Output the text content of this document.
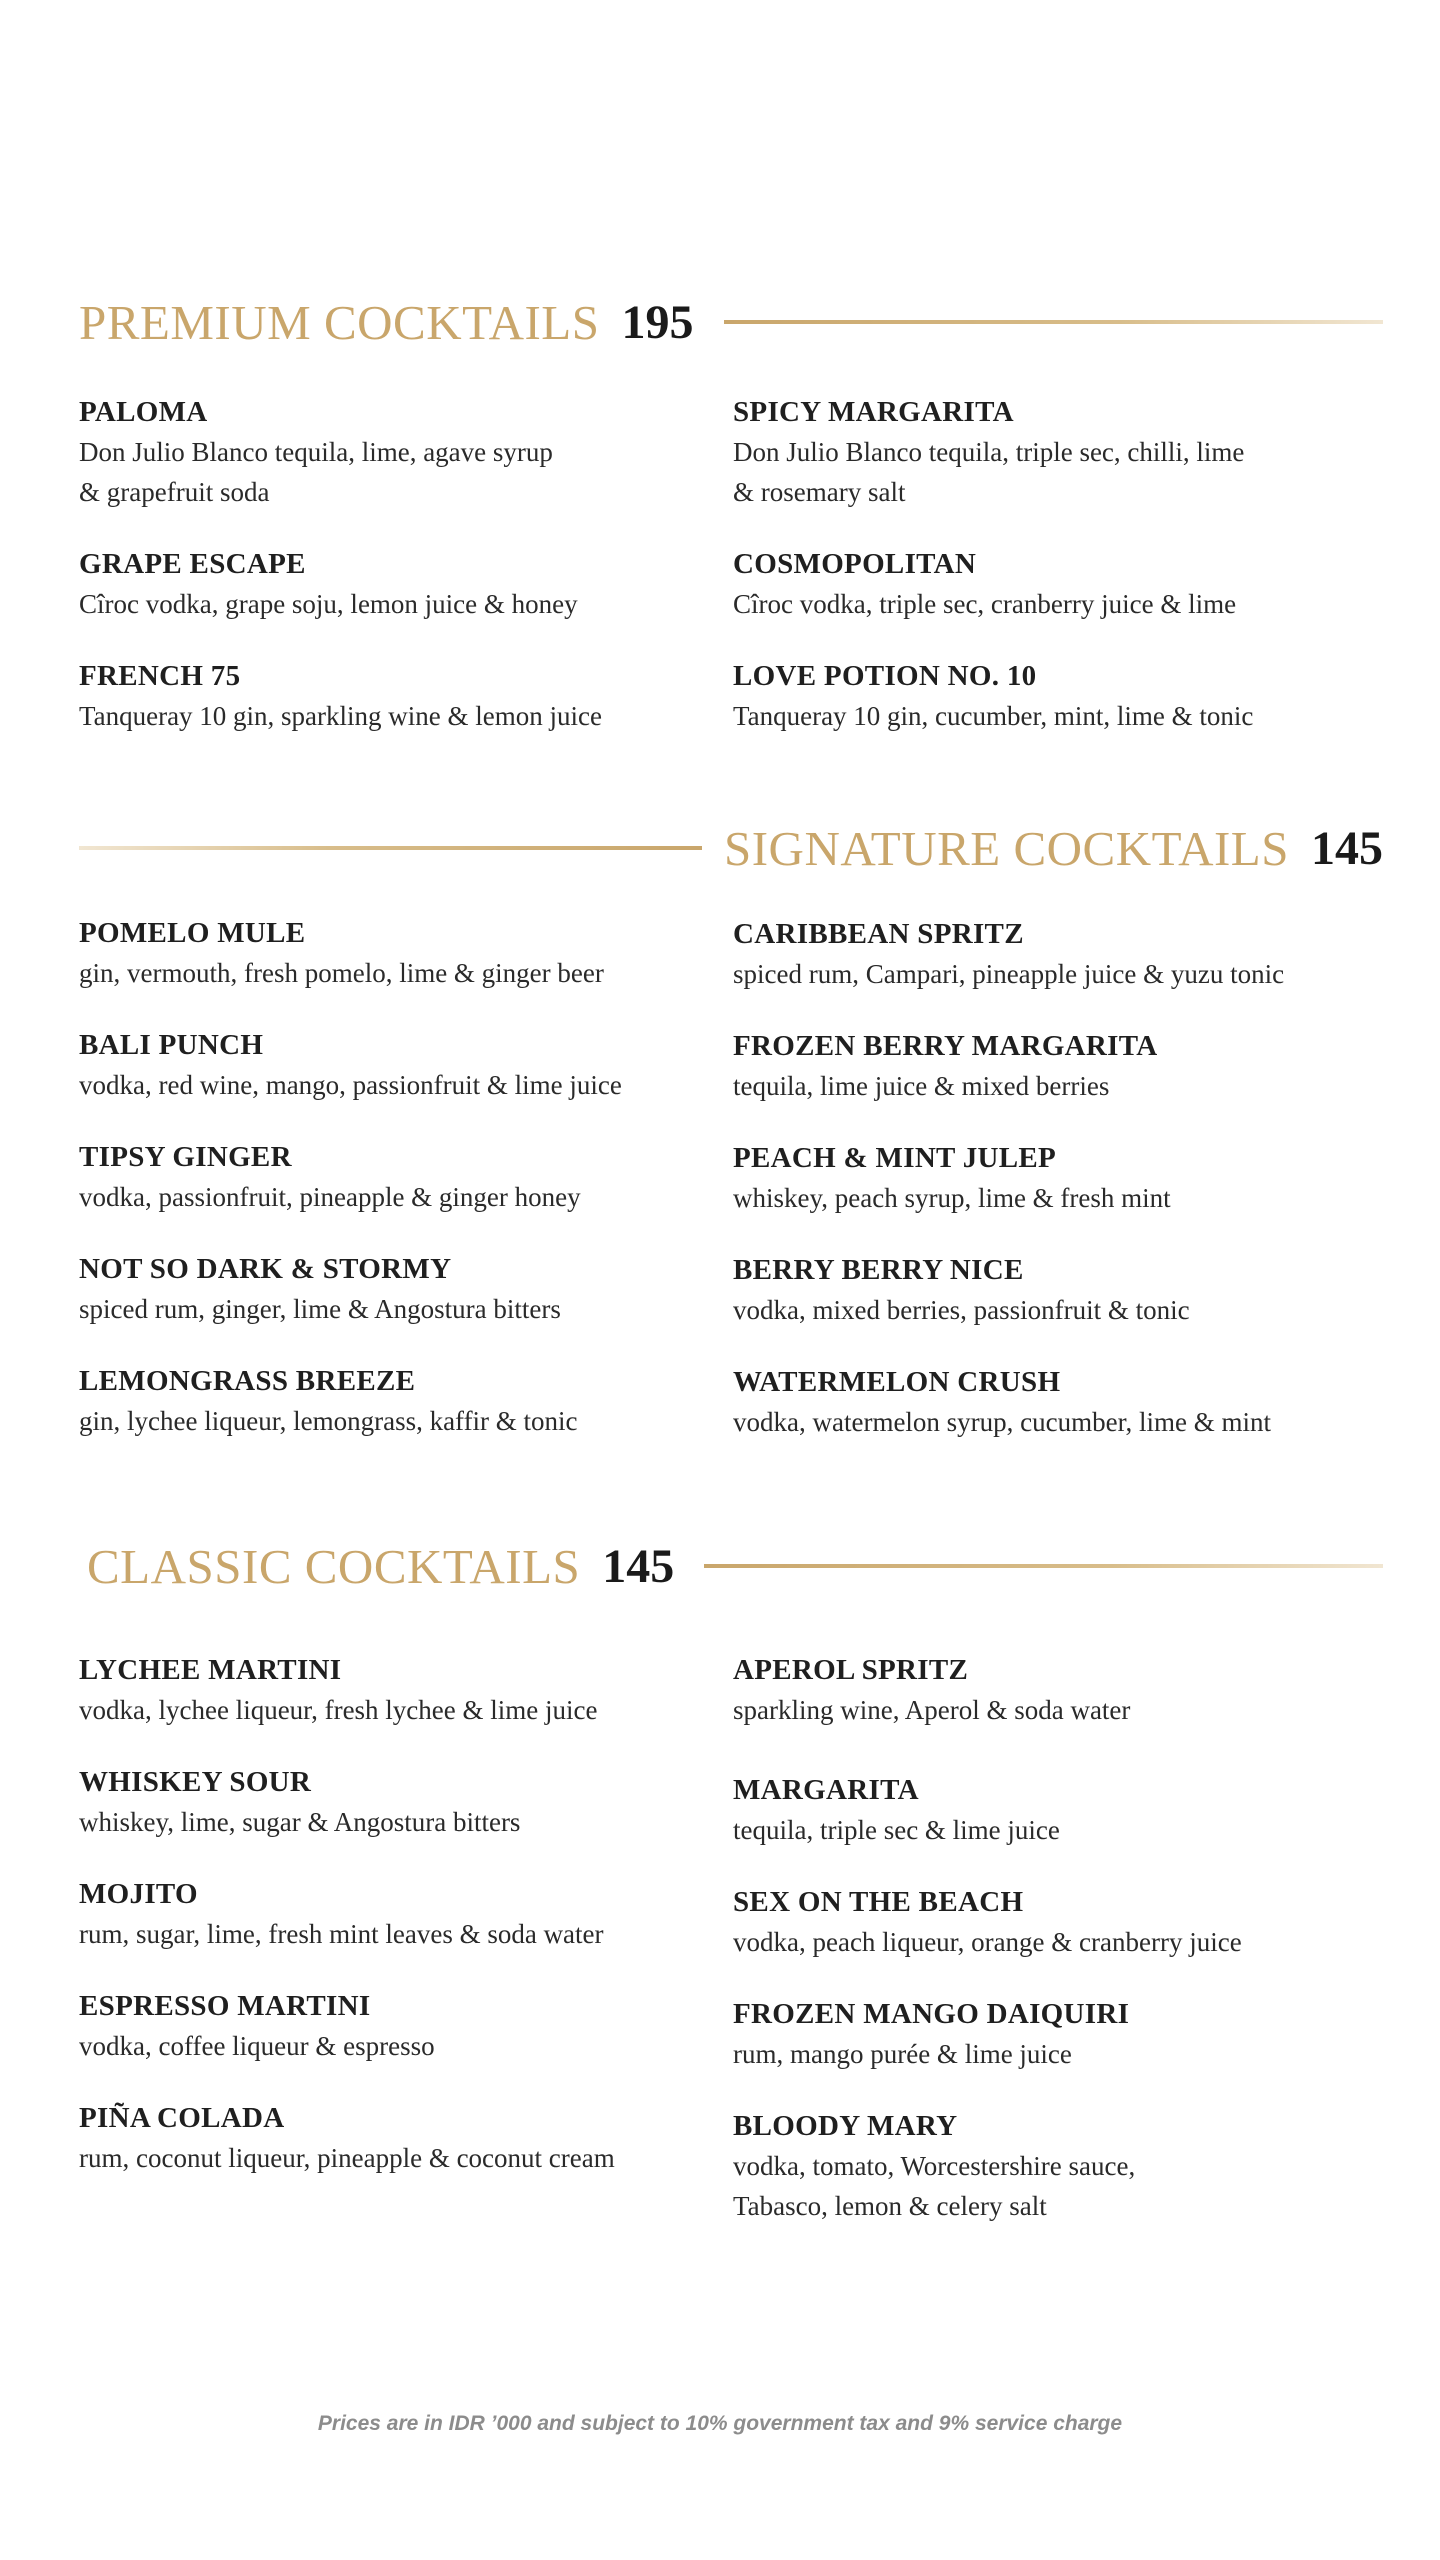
PREMIUM COCKTAILS 195
PALOMA
Don Julio Blanco tequila, lime, agave syrup
& grapefruit soda
GRAPE ESCAPE
Cîroc vodka, grape soju, lemon juice & honey
FRENCH 75
Tanqueray 10 gin, sparkling wine & lemon juice
SPICY MARGARITA
Don Julio Blanco tequila, triple sec, chilli, lime
& rosemary salt
COSMOPOLITAN
Cîroc vodka, triple sec, cranberry juice & lime
LOVE POTION NO. 10
Tanqueray 10 gin, cucumber, mint, lime & tonic
SIGNATURE COCKTAILS 145
POMELO MULE
gin, vermouth, fresh pomelo, lime & ginger beer
BALI PUNCH
vodka, red wine, mango, passionfruit & lime juice
TIPSY GINGER
vodka, passionfruit, pineapple & ginger honey
NOT SO DARK & STORMY
spiced rum, ginger, lime & Angostura bitters
LEMONGRASS BREEZE
gin, lychee liqueur, lemongrass, kaffir & tonic
CARIBBEAN SPRITZ
spiced rum, Campari, pineapple juice & yuzu tonic
FROZEN BERRY MARGARITA
tequila, lime juice & mixed berries
PEACH & MINT JULEP
whiskey, peach syrup, lime & fresh mint
BERRY BERRY NICE
vodka, mixed berries, passionfruit & tonic
WATERMELON CRUSH
vodka, watermelon syrup, cucumber, lime & mint
CLASSIC COCKTAILS 145
LYCHEE MARTINI
vodka, lychee liqueur, fresh lychee & lime juice
WHISKEY SOUR
whiskey, lime, sugar & Angostura bitters
MOJITO
rum, sugar, lime, fresh mint leaves & soda water
ESPRESSO MARTINI
vodka, coffee liqueur & espresso
PIÑA COLADA
rum, coconut liqueur, pineapple & coconut cream
APEROL SPRITZ
sparkling wine, Aperol & soda water
MARGARITA
tequila, triple sec & lime juice
SEX ON THE BEACH
vodka, peach liqueur, orange & cranberry juice
FROZEN MANGO DAIQUIRI
rum, mango purée & lime juice
BLOODY MARY
vodka, tomato, Worcestershire sauce,
Tabasco, lemon & celery salt
Prices are in IDR ’000 and subject to 10% government tax and 9% service charge
